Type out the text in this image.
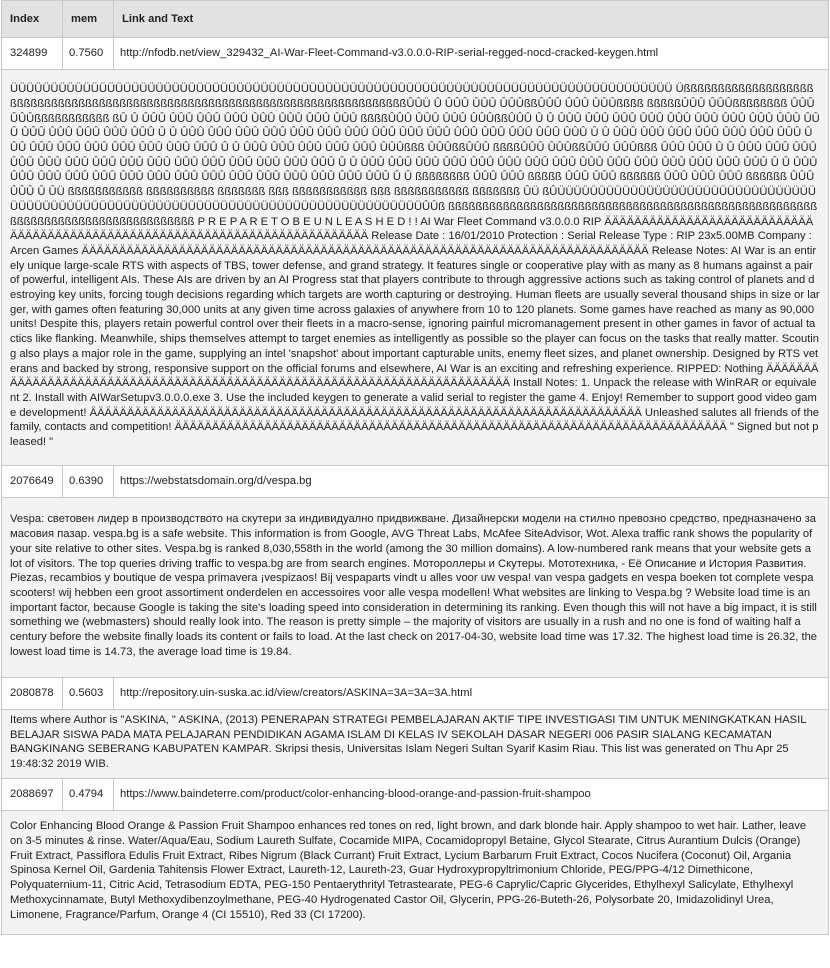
Index	mem	Link and Text
324899	0.7560	http://nfodb.net/view_329432_AI-War-Fleet-Command-v3.0.0.0-RIP-serial-regged-nocd-cracked-keygen.html
ÜÜÜÜÜÜÜÜÜÜÜÜÜÜÜÜÜÜÜÜÜÜÜÜÜÜÜÜÜÜÜÜÜÜÜÜÜÜÜÜÜÜÜÜÜÜÜÜÜÜÜÜÜÜÜÜÜÜÜÜÜÜÜÜÜÜÜÜÜÜÜÜÜÜÜÜÜÜÜÜÜÜ ÜßßßßßßßßßßßßßßßßßßßßßßßßßßßßßßßßßßßßßßßßßßßßßßßßßßßßßßßßßßßßßßßßßßßßßßßßßßßßßÛÛÜ Û ÛÛÛ ÛÛÛ ÛÛÛßßÛÛÛ ÛÛÛ ÛÛÛßßßß ßßßßßÛÛÛ ÛÛÛßßßßßßßß ÛÛÛ ÛÛÛßßßßßßßßßßß ßÛ Û ÛÛÛ ÛÛÛ ÛÛÛ ÛÛÛ ÛÛÛ ÛÛÛ ÛÛÛ ÛÛÛ ßßßßÛÛÛ ÛÛÛ ÛÛÛ ÛÛÛßßÛÛÛ Û Û ÛÛÛ ÛÛÛ ÛÛÛ ÛÛÛ ÛÛÛ ÛÛÛ ÛÛÛ ÛÛÛ ÛÛÛ ÛÛÛ ÛÛÛ ÛÛÛ ÛÛÛ ÛÛÛ ÛÛÛ Û Û ÛÛÛ ÛÛÛ ÛÛÛ ÛÛÛ ÛÛÛ ÛÛÛ ÛÛÛ ÛÛÛ ÛÛÛ ÛÛÛ ÛÛÛ ÛÛÛ ÛÛÛ ÛÛÛ ÛÛÛ Û Û ÛÛÛ ÛÛÛ ÛÛÛ ÛÛÛ ÛÛÛ ÛÛÛ ÛÛÛ ÛÛÛ ÛÛÛ ÛÛÛ ÛÛÛ ÛÛÛ ÛÛÛ ÛÛÛ ÛÛÛ Û Û ÛÛÛ ÛÛÛ ÛÛÛ ÛÛÛ ÛÛÛ ÛÛÛßßß ÛÛÛßßÛÛÛ ßßßßÛÛÛ ÛÛÛßßÛÛÛ ÛÛÛßßß ÛÛÛ ÛÛÛ Û Û ÛÛÛ ÛÛÛ ÛÛÛ ÛÛÛ ÛÛÛ ÛÛÛ ÛÛÛ ÛÛÛ ÛÛÛ ÛÛÛ ÛÛÛ ÛÛÛ ÛÛÛ ÛÛÛ ÛÛÛ Û Û ÛÛÛ ÛÛÛ ÛÛÛ ÛÛÛ ÛÛÛ ÛÛÛ ÛÛÛ ÛÛÛ ÛÛÛ ÛÛÛ ÛÛÛ ÛÛÛ ÛÛÛ ÛÛÛ ÛÛÛ Û Û ÛÛÛ ÛÛÛ ÛÛÛ ÛÛÛ ÛÛÛ ÛÛÛ ÛÛÛ ÛÛÛ ÛÛÛ ÛÛÛ ÛÛÛ ÛÛÛ ÛÛÛ ÛÛÛ ÛÛÛ Û Û ßßßßßßßß ÛÛÛ ÛÛÛ ßßßßß ÛÛÛ ÛÛÛ ßßßßßß ÛÛÛ ÛÛÛ ÛÛÛ ßßßßßß ÛÛÛ ÛÛÛ Û ÛÜ ßßßßßßßßßßß ßßßßßßßßßß ßßßßßßß ßßß ßßßßßßßßßßß ßßß ßßßßßßßßßßß ßßßßßßß ÛÜ ßÛÜÜÜÜÜÜÜÜÜÜÜÜÜÜÜÜÜÜÜÜÜÜÜÜÜÜÜÜÜÜÜÜÜÜÜÜÜÜÜÜÜÜÜÜÜÜÜÜÜÜÜÜÜÜÜÜÜÜÜÜÜÜÜÜÜÜÜÜÜÜÜÜÜÜÜÜÜÜÜÜÜÜÜÛÛß ßßßßßßßßßßßßßßßßßßßßßßßßßßßßßßßßßßßßßßßßßßßßßßßßßßßßßßßßßßßßßßßßßßßßßßßßßßßßßßßßß P R E P A R E T O B E U N L E A S H E D ! ! AI War Fleet Command v3.0.0.0 RIP ÄÄÄÄÄÄÄÄÄÄÄÄÄÄÄÄÄÄÄÄÄÄÄÄÄÄÄÄÄÄÄÄÄÄÄÄÄÄÄÄÄÄÄÄÄÄÄÄÄÄÄÄÄÄÄÄÄÄÄÄÄÄÄÄÄÄÄÄÄÄÄÄÄÄÄÄ Release Date : 16/01/2010 Protection : Serial Release Type : RIP 23x5.00MB Company : Arcen Games ÄÄÄÄÄÄÄÄÄÄÄÄÄÄÄÄÄÄÄÄÄÄÄÄÄÄÄÄÄÄÄÄÄÄÄÄÄÄÄÄÄÄÄÄÄÄÄÄÄÄÄÄÄÄÄÄÄÄÄÄÄÄÄÄÄÄÄÄÄÄÄÄÄÄÄÄ Release Notes: AI War is an entirely unique large-scale RTS with aspects of TBS, tower defense, and grand strategy. It features single or cooperative play with as many as 8 humans against a pair of powerful, intelligent AIs. These AIs are driven by an AI Progress stat that players contribute to through aggressive actions such as taking control of planets and destroying key units, forcing tough decisions regarding which targets are worth capturing or destroying. Human fleets are usually several thousand ships in size or larger, with games often featuring 30,000 units at any given time across galaxies of anywhere from 10 to 120 planets. Some games have reached as many as 90,000 units! Despite this, players retain powerful control over their fleets in a macro-sense, ignoring painful micromanagement present in other games in favor of actual tactics like flanking. Meanwhile, ships themselves attempt to target enemies as intelligently as possible so the player can focus on the tasks that really matter. Scouting also plays a major role in the game, supplying an intel 'snapshot' about important capturable units, enemy fleet sizes, and planet ownership. Designed by RTS veterans and backed by strong, responsive support on the official forums and elsewhere, AI War is an exciting and refreshing experience. RIPPED: Nothing ÄÄÄÄÄÄÄÄÄÄÄÄÄÄÄÄÄÄÄÄÄÄÄÄÄÄÄÄÄÄÄÄÄÄÄÄÄÄÄÄÄÄÄÄÄÄÄÄÄÄÄÄÄÄÄÄÄÄÄÄÄÄÄÄÄÄÄÄÄÄÄÄÄÄ Install Notes: 1. Unpack the release with WinRAR or equivalent 2. Install with AIWarSetupv3.0.0.0.exe 3. Use the included keygen to generate a valid serial to register the game 4. Enjoy! Remember to support good video game development! ÄÄÄÄÄÄÄÄÄÄÄÄÄÄÄÄÄÄÄÄÄÄÄÄÄÄÄÄÄÄÄÄÄÄÄÄÄÄÄÄÄÄÄÄÄÄÄÄÄÄÄÄÄÄÄÄÄÄÄÄÄÄÄÄÄÄÄÄÄÄÄÄÄÄ Unleashed salutes all friends of the family, contacts and competition! ÄÄÄÄÄÄÄÄÄÄÄÄÄÄÄÄÄÄÄÄÄÄÄÄÄÄÄÄÄÄÄÄÄÄÄÄÄÄÄÄÄÄÄÄÄÄÄÄÄÄÄÄÄÄÄÄÄÄÄÄÄÄÄÄÄÄÄÄÄÄÄÄÄÄ " Signed but not pleased! "		
2076649	0.6390	https://webstatsdomain.org/d/vespa.bg
Vespa: световен лидер в производството на скутери за индивидуално придвижване. Дизайнерски модели на стилно превозно средство, предназначено за масовия пазар. vespa.bg is a safe website. This information is from Google, AVG Threat Labs, McAfee SiteAdvisor, Wot. Alexa traffic rank shows the popularity of your site relative to other sites. Vespa.bg is ranked 8,030,558th in the world (among the 30 million domains). A low-numbered rank means that your website gets a lot of visitors. The top queries driving traffic to vespa.bg are from search engines. Мотороллеры и Скутеры. Мототехника, - Её Описание и История Развития. Piezas, recambios y boutique de vespa primavera ¡vespizaos! Bij vespaparts vindt u alles voor uw vespa! van vespa gadgets en vespa boeken tot complete vespa scooters! wij hebben een groot assortiment onderdelen en accessoires voor alle vespa modellen! What websites are linking to Vespa.bg ? Website load time is an important factor, because Google is taking the site's loading speed into consideration in determining its ranking. Even though this will not have a big impact, it is still something we (webmasters) should really look into. The reason is pretty simple – the majority of visitors are usually in a rush and no one is fond of waiting half a century before the website finally loads its content or fails to load. At the last check on 2017-04-30, website load time was 17.32. The highest load time is 26.32, the lowest load time is 14.73, the average load time is 19.84.		
2080878	0.5603	http://repository.uin-suska.ac.id/view/creators/ASKINA=3A=3A=3A.html
Items where Author is "ASKINA, " ASKINA, (2013) PENERAPAN STRATEGI PEMBELAJARAN AKTIF TIPE INVESTIGASI TIM UNTUK MENINGKATKAN HASIL BELAJAR SISWA PADA MATA PELAJARAN PENDIDIKAN AGAMA ISLAM DI KELAS IV SEKOLAH DASAR NEGERI 006 PASIR SIALANG KECAMATAN BANGKINANG SEBERANG KABUPATEN KAMPAR. Skripsi thesis, Universitas Islam Negeri Sultan Syarif Kasim Riau. This list was generated on Thu Apr 25 19:48:32 2019 WIB.		
2088697	0.4794	https://www.baindeterre.com/product/color-enhancing-blood-orange-and-passion-fruit-shampoo
Color Enhancing Blood Orange & Passion Fruit Shampoo enhances red tones on red, light brown, and dark blonde hair. Apply shampoo to wet hair. Lather, leave on 3-5 minutes & rinse. Water/Aqua/Eau, Sodium Laureth Sulfate, Cocamide MIPA, Cocamidopropyl Betaine, Glycol Stearate, Citrus Aurantium Dulcis (Orange) Fruit Extract, Passiflora Edulis Fruit Extract, Ribes Nigrum (Black Currant) Fruit Extract, Lycium Barbarum Fruit Extract, Cocos Nucifera (Coconut) Oil, Argania Spinosa Kernel Oil, Gardenia Tahitensis Flower Extract, Laureth-12, Laureth-23, Guar Hydroxypropyltrimonium Chloride, PEG/PPG-4/12 Dimethicone, Polyquaternium-11, Citric Acid, Tetrasodium EDTA, PEG-150 Pentaerythrityl Tetrastearate, PEG-6 Caprylic/Capric Glycerides, Ethylhexyl Salicylate, Ethylhexyl Methoxycinnamate, Butyl Methoxydibenzoylmethane, PEG-40 Hydrogenated Castor Oil, Glycerin, PPG-26-Buteth-26, Polysorbate 20, Imidazolidinyl Urea, Limonene, Fragrance/Parfum, Orange 4 (CI 15510), Red 33 (CI 17200).		
